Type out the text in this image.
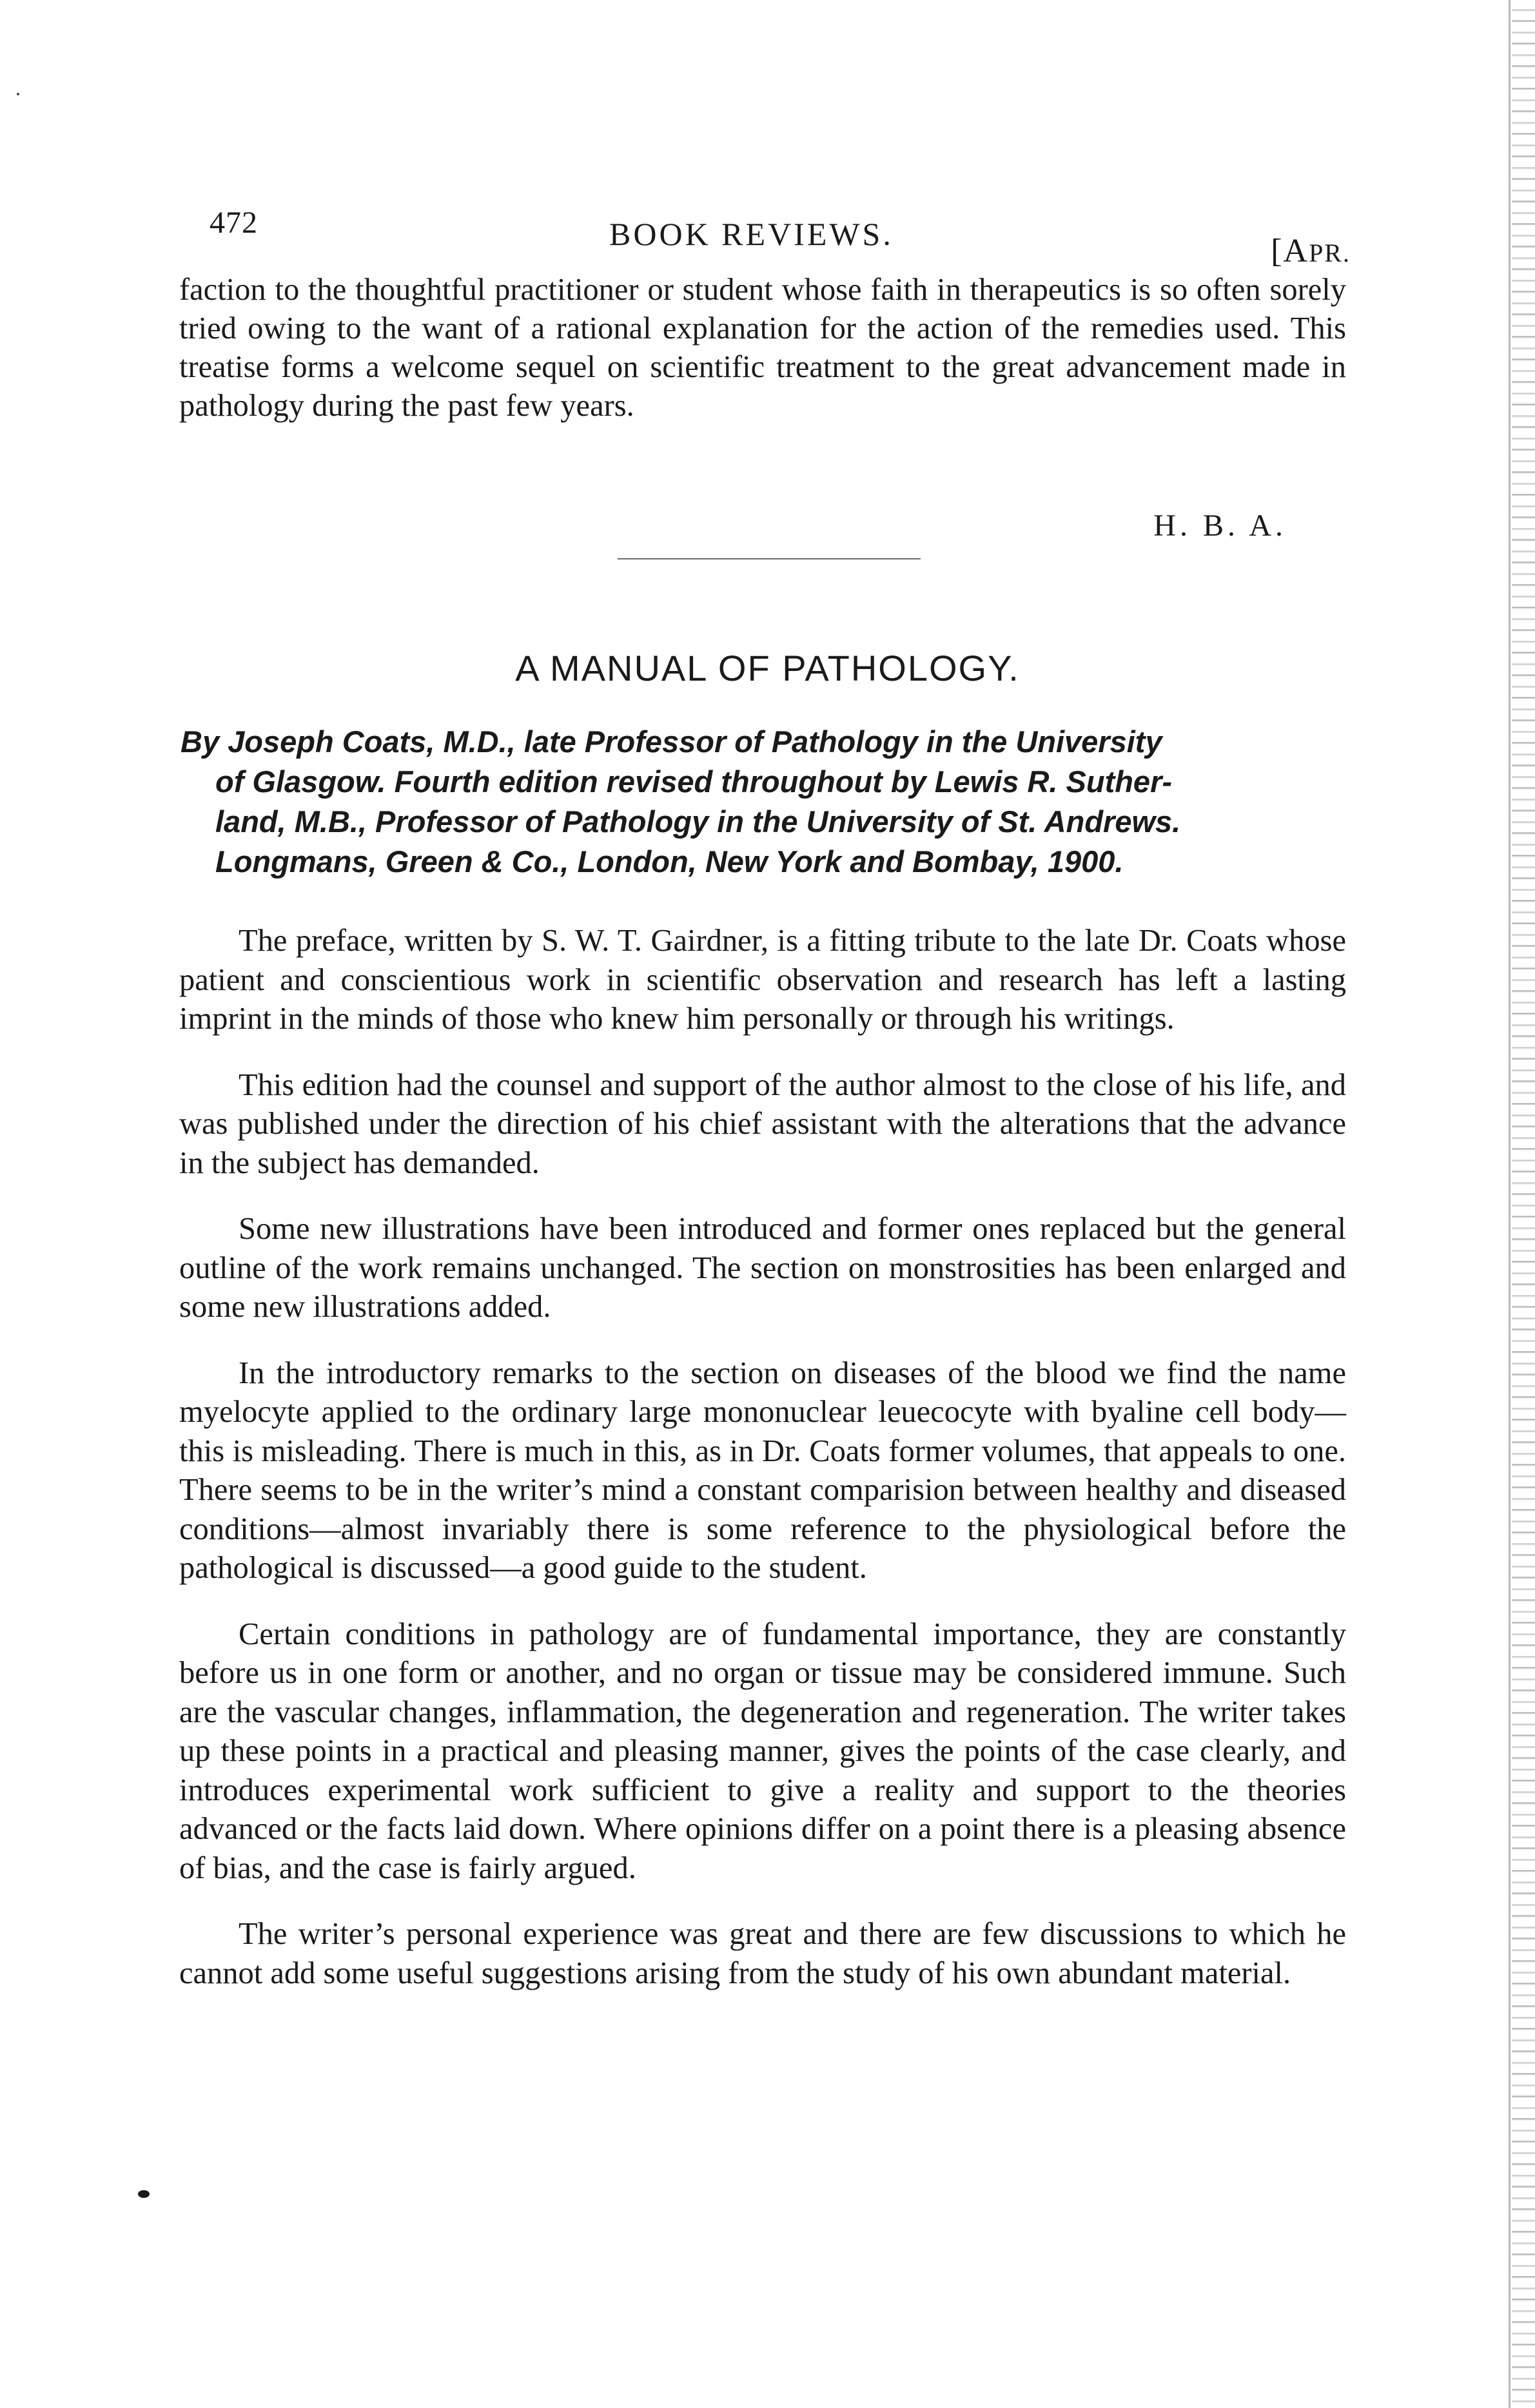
472	BOOK REVIEWS.	[APR.

faction to the thoughtful practitioner or student whose faith in therapeutics is so often sorely tried owing to the want of a rational explanation for the action of the remedies used. This treatise forms a welcome sequel on scientific treatment to the great advancement made in pathology during the past few years.

H. B. A.
A MANUAL OF PATHOLOGY.
By Joseph Coats, M.D., late Professor of Pathology in the University
of Glasgow. Fourth edition revised throughout by Lewis R. Suther-
land, M.B., Professor of Pathology in the University of St. Andrews.
Longmans, Green & Co., London, New York and Bombay, 1900.

The preface, written by S. W. T. Gairdner, is a fitting tribute to the late Dr. Coats whose patient and conscientious work in scientific observation and research has left a lasting imprint in the minds of those who knew him personally or through his writings.

This edition had the counsel and support of the author almost to the close of his life, and was published under the direction of his chief assistant with the alterations that the advance in the subject has demanded.

Some new illustrations have been introduced and former ones replaced but the general outline of the work remains unchanged. The section on monstrosities has been enlarged and some new illustrations added.

In the introductory remarks to the section on diseases of the blood we find the name myelocyte applied to the ordinary large mononuclear leuecocyte with byaline cell body—this is misleading. There is much in this, as in Dr. Coats former volumes, that appeals to one. There seems to be in the writer’s mind a constant comparision between healthy and diseased conditions—almost invariably there is some reference to the physiological before the pathological is discussed—a good guide to the student.

Certain conditions in pathology are of fundamental importance, they are constantly before us in one form or another, and no organ or tissue may be considered immune. Such are the vascular changes, inflammation, the degeneration and regeneration. The writer takes up these points in a practical and pleasing manner, gives the points of the case clearly, and introduces experimental work sufficient to give a reality and support to the theories advanced or the facts laid down. Where opinions differ on a point there is a pleasing absence of bias, and the case is fairly argued.

The writer’s personal experience was great and there are few discussions to which he cannot add some useful suggestions arising from the study of his own abundant material.
